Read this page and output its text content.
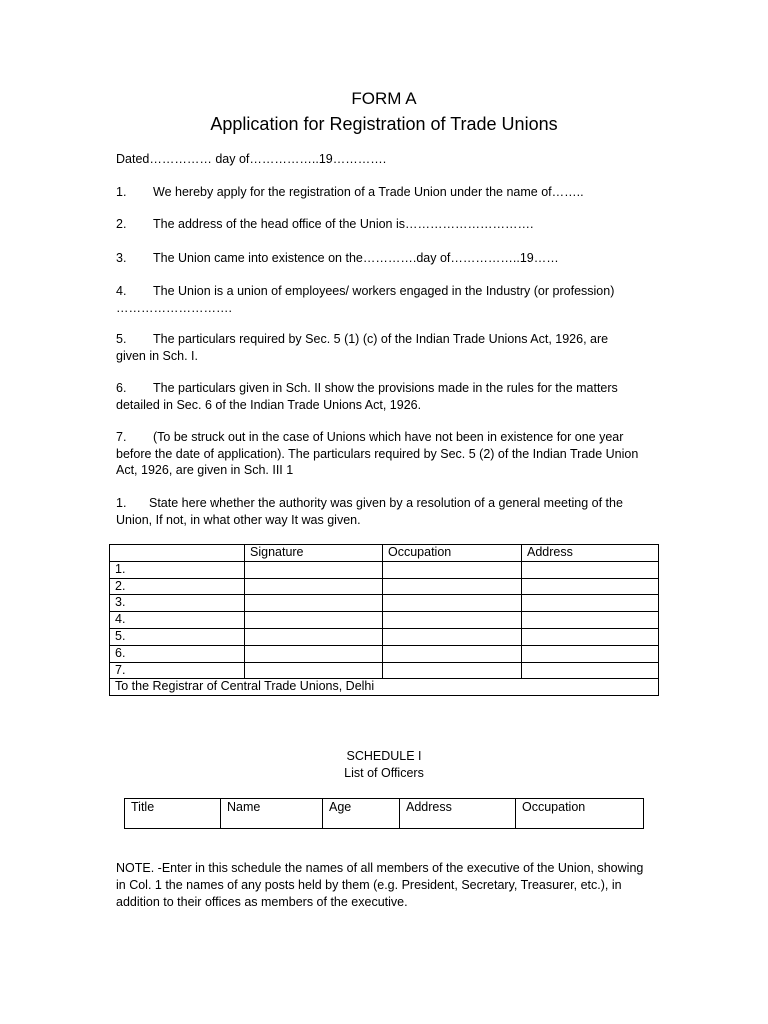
FORM A
Application for Registration of Trade Unions
Dated…………… day of……………..19………….
1. We hereby apply for the registration of a Trade Union under the name of……..
2. The address of the head office of the Union is………………………….
3. The Union came into existence on the………….day of……………..19……
4. The Union is a union of employees/ workers engaged in the Industry (or profession) ……………………….
5. The particulars required by Sec. 5 (1) (c) of the Indian Trade Unions Act, 1926, are given in Sch. I.
6. The particulars given in Sch. II show the provisions made in the rules for the matters detailed in Sec. 6 of the Indian Trade Unions Act, 1926.
7. (To be struck out in the case of Unions which have not been in existence for one year before the date of application). The particulars required by Sec. 5 (2) of the Indian Trade Union Act, 1926, are given in Sch. III 1
1. State here whether the authority was given by a resolution of a general meeting of the Union, If not, in what other way It was given.
	Signature	Occupation	Address
1.			
2.			
3.			
4.			
5.			
6.			
7.			
To the Registrar of Central Trade Unions, Delhi			
SCHEDULE I
List of Officers
Title	Name	Age	Address	Occupation
NOTE. -Enter in this schedule the names of all members of the executive of the Union, showing in Col. 1 the names of any posts held by them (e.g. President, Secretary, Treasurer, etc.), in addition to their offices as members of the executive.
